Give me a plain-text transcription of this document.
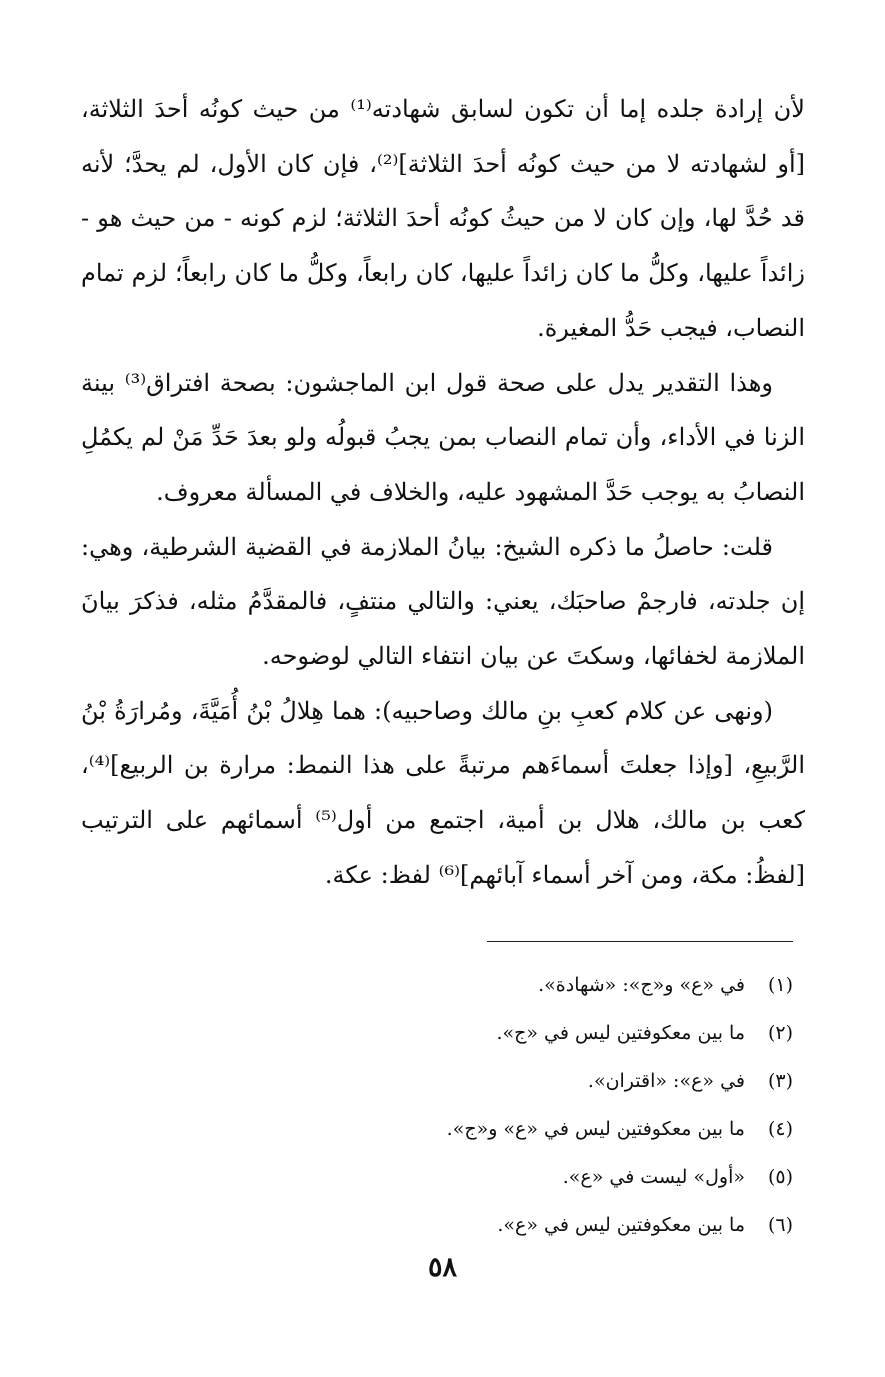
لأن إرادة جلده إما أن تكون لسابق شهادته⁽¹⁾ من حيث كونُه أحدَ الثلاثة، [أو لشهادته لا من حيث كونُه أحدَ الثلاثة]⁽²⁾، فإن كان الأول، لم يحدَّ؛ لأنه قد حُدَّ لها، وإن كان لا من حيثُ كونُه أحدَ الثلاثة؛ لزم كونه - من حيث هو - زائداً عليها، وكلُّ ما كان زائداً عليها، كان رابعاً، وكلُّ ما كان رابعاً؛ لزم تمام النصاب، فيجب حَدُّ المغيرة.

وهذا التقدير يدل على صحة قول ابن الماجشون: بصحة افتراق⁽³⁾ بينة الزنا في الأداء، وأن تمام النصاب بمن يجبُ قبولُه ولو بعدَ حَدِّ مَنْ لم يكمُلِ النصابُ به يوجب حَدَّ المشهود عليه، والخلاف في المسألة معروف.

قلت: حاصلُ ما ذكره الشيخ: بيانُ الملازمة في القضية الشرطية، وهي: إن جلدته، فارجمْ صاحبَك، يعني: والتالي منتفٍ، فالمقدَّمُ مثله، فذكرَ بيانَ الملازمة لخفائها، وسكتَ عن بيان انتفاء التالي لوضوحه.

(ونهى عن كلام كعبِ بنِ مالك وصاحبيه): هما هِلالُ بْنُ أُمَيَّةَ، ومُرارَةُ بْنُ الرَّبيعِ، [وإذا جعلتَ أسماءَهم مرتبةً على هذا النمط: مرارة بن الربيع]⁽⁴⁾، كعب بن مالك، هلال بن أمية، اجتمع من أول⁽⁵⁾ أسمائهم على الترتيب [لفظُ: مكة، ومن آخر أسماء آبائهم]⁽⁶⁾ لفظ: عكة.

(١)
في «ع» و«ج»: «شهادة».
(٢)
ما بين معكوفتين ليس في «ج».
(٣)
في «ع»: «اقتران».
(٤)
ما بين معكوفتين ليس في «ع» و«ج».
(٥)
«أول» ليست في «ع».
(٦)
ما بين معكوفتين ليس في «ع».
٥٨
